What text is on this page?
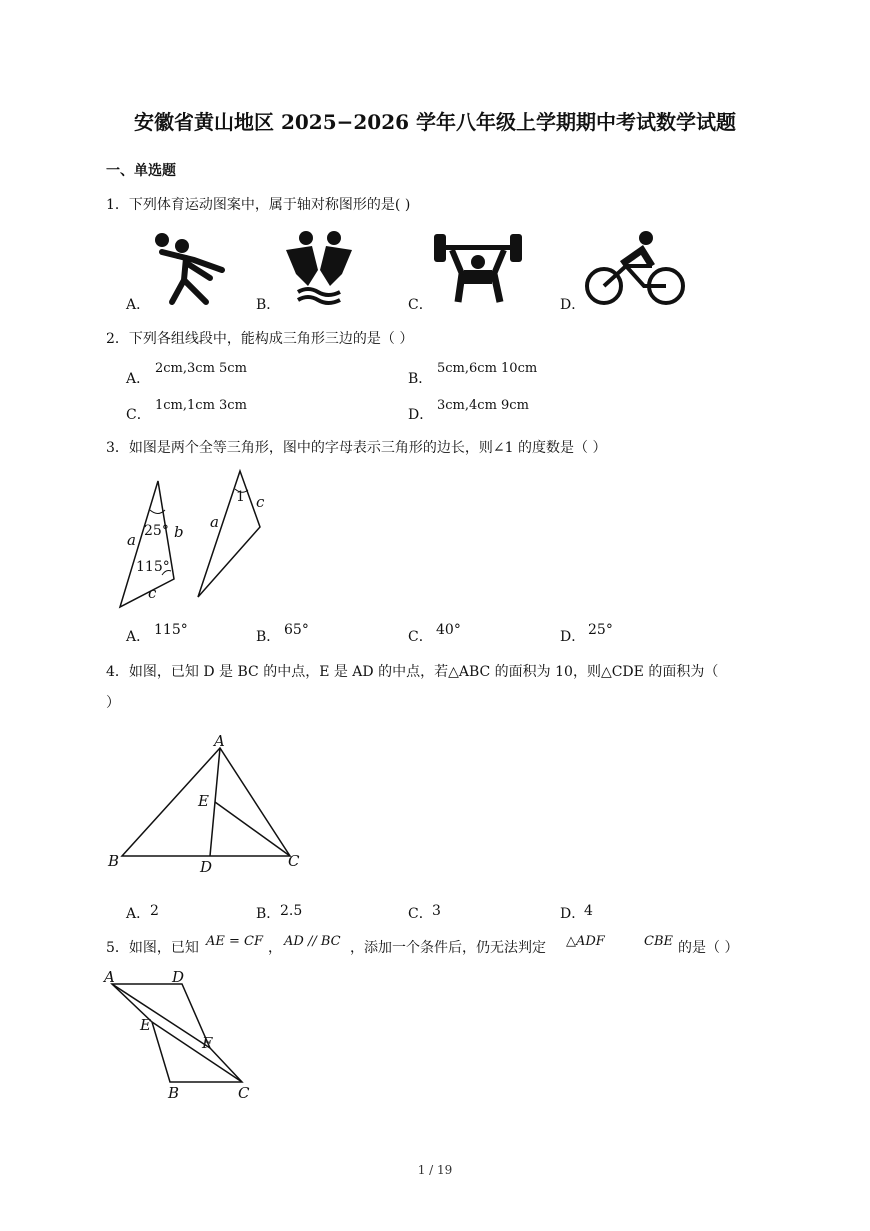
安徽省黄山地区 2025−2026 学年八年级上学期期中考试数学试题
一、单选题
1．下列体育运动图案中，属于轴对称图形的是( )
A．	B．	C．	D．
2．下列各组线段中，能构成三角形三边的是（ ）
A．
2cm,3cm 5cm
B．
5cm,6cm 10cm
C．
1cm,1cm 3cm
D．
3cm,4cm 9cm
3．如图是两个全等三角形，图中的字母表示三角形的边长，则∠1 的度数是（ ）
a	b
c
25°
115°
1
a
c
A． 115°	B． 65°	C． 40°	D． 25°
4．如图，已知 D 是 BC 的中点，E 是 AD 的中点，若△ABC 的面积为 10，则△CDE 的面积为（
）
A
B	C
D
E
A． 2	B． 2.5	C． 3	D．
4
5．如图，已知 AE = CF ， AD // BC ，添加一个条件后，仍无法判定 △ADF	CBE 的是（ ）
A	D
E
F
B	C
1 / 19
